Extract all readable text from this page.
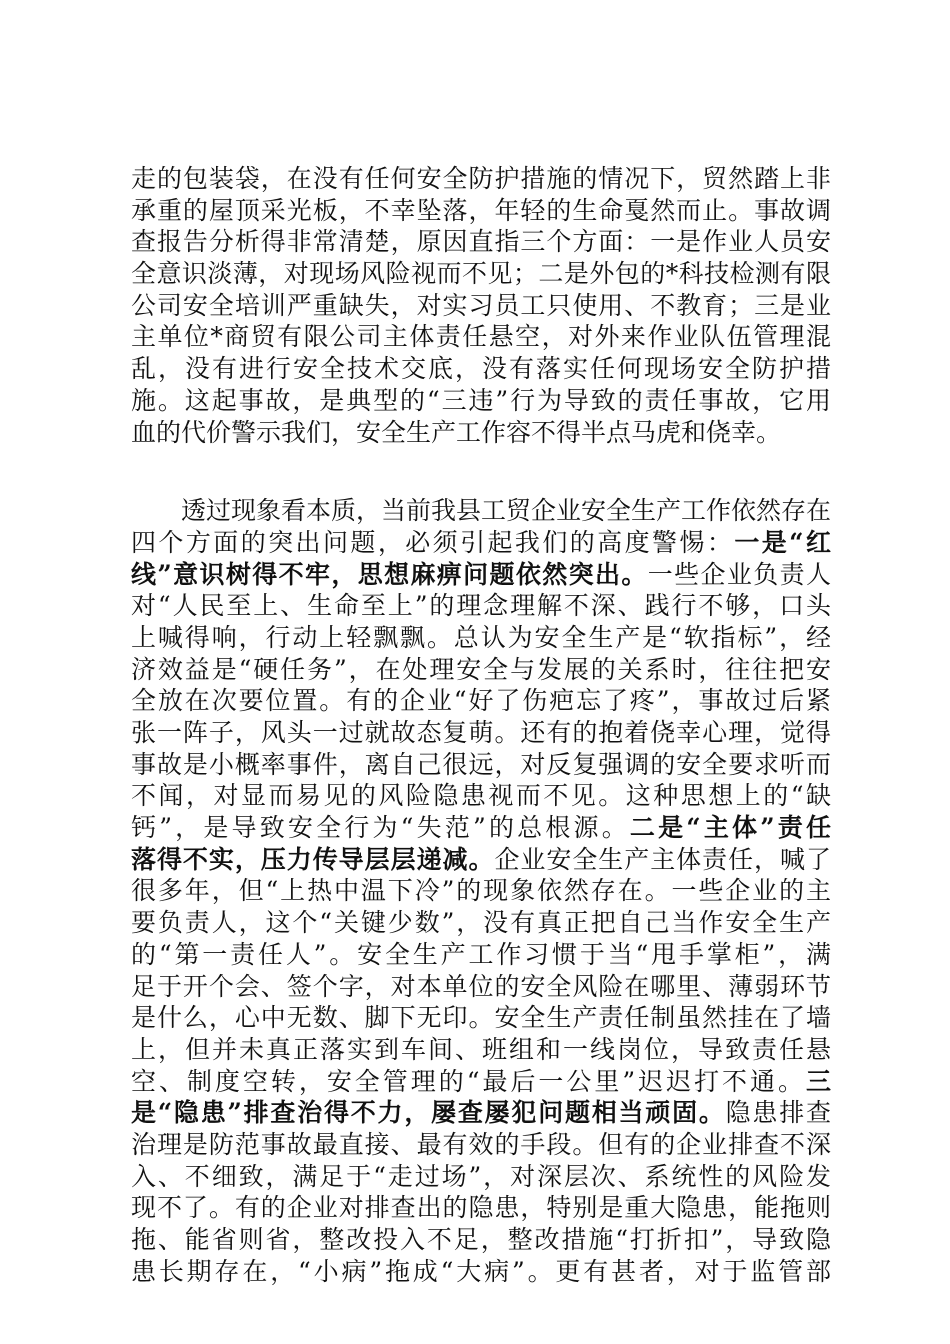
走的包装袋，在没有任何安全防护措施的情况下，贸然踏上非
承重的屋顶采光板，不幸坠落，年轻的生命戛然而止。事故调
查报告分析得非常清楚，原因直指三个方面：一是作业人员安
全意识淡薄，对现场风险视而不见；二是外包的*科技检测有限
公司安全培训严重缺失，对实习员工只使用、不教育；三是业
主单位*商贸有限公司主体责任悬空，对外来作业队伍管理混
乱，没有进行安全技术交底，没有落实任何现场安全防护措
施。这起事故，是典型的“三违”行为导致的责任事故，它用
血的代价警示我们，安全生产工作容不得半点马虎和侥幸。
透过现象看本质，当前我县工贸企业安全生产工作依然存在
四个方面的突出问题，必须引起我们的高度警惕：一是“红
线”意识树得不牢，思想麻痹问题依然突出。一些企业负责人
对“人民至上、生命至上”的理念理解不深、践行不够，口头
上喊得响，行动上轻飘飘。总认为安全生产是“软指标”，经
济效益是“硬任务”，在处理安全与发展的关系时，往往把安
全放在次要位置。有的企业“好了伤疤忘了疼”，事故过后紧
张一阵子，风头一过就故态复萌。还有的抱着侥幸心理，觉得
事故是小概率事件，离自己很远，对反复强调的安全要求听而
不闻，对显而易见的风险隐患视而不见。这种思想上的“缺
钙”，是导致安全行为“失范”的总根源。二是“主体”责任
落得不实，压力传导层层递减。企业安全生产主体责任，喊了
很多年，但“上热中温下冷”的现象依然存在。一些企业的主
要负责人，这个“关键少数”，没有真正把自己当作安全生产
的“第一责任人”。安全生产工作习惯于当“甩手掌柜”，满
足于开个会、签个字，对本单位的安全风险在哪里、薄弱环节
是什么，心中无数、脚下无印。安全生产责任制虽然挂在了墙
上，但并未真正落实到车间、班组和一线岗位，导致责任悬
空、制度空转，安全管理的“最后一公里”迟迟打不通。三
是“隐患”排查治得不力，屡查屡犯问题相当顽固。隐患排查
治理是防范事故最直接、最有效的手段。但有的企业排查不深
入、不细致，满足于“走过场”，对深层次、系统性的风险发
现不了。有的企业对排查出的隐患，特别是重大隐患，能拖则
拖、能省则省，整改投入不足，整改措施“打折扣”，导致隐
患长期存在，“小病”拖成“大病”。更有甚者，对于监管部
